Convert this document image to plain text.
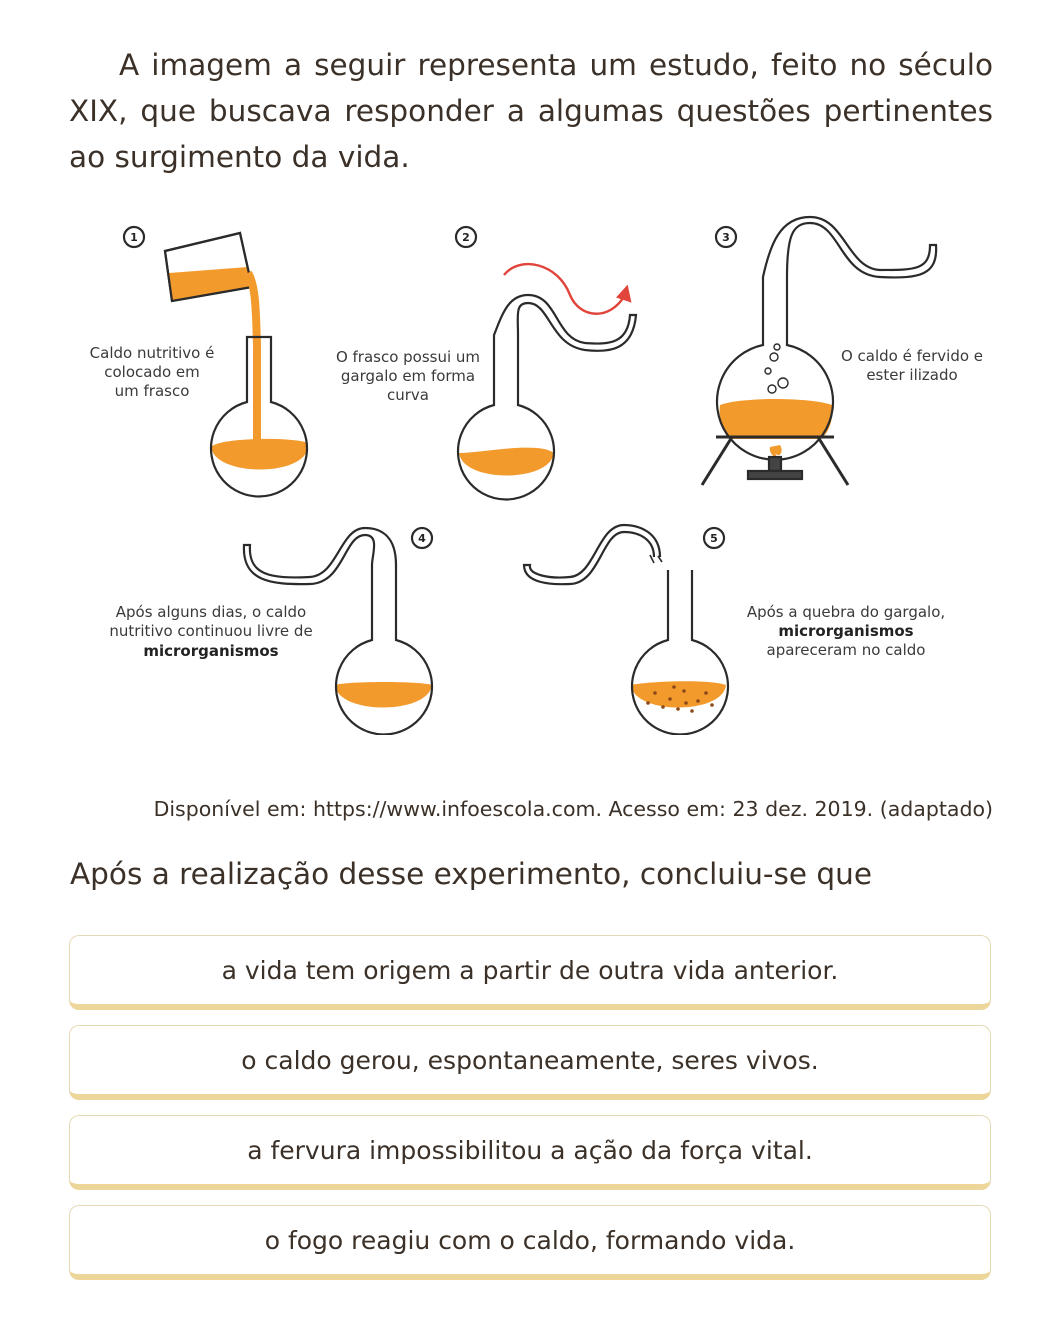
A imagem a seguir representa um estudo, feito no século XIX, que buscava responder a algumas questões pertinentes ao surgimento da vida.

1	2	3
4	5
Caldo nutritivo é
colocado em
um frasco
O frasco possui um
gargalo em forma
curva
O caldo é fervido e
ester ilizado
Após alguns dias, o caldo
nutritivo continuou livre de
microrganismos
Após a quebra do gargalo,
microrganismos
apareceram no caldo

Disponível em: https://www.infoescola.com. Acesso em: 23 dez. 2019. (adaptado)

Após a realização desse experimento, concluiu-se que

a vida tem origem a partir de outra vida anterior.
o caldo gerou, espontaneamente, seres vivos.
a fervura impossibilitou a ação da força vital.
o fogo reagiu com o caldo, formando vida.
